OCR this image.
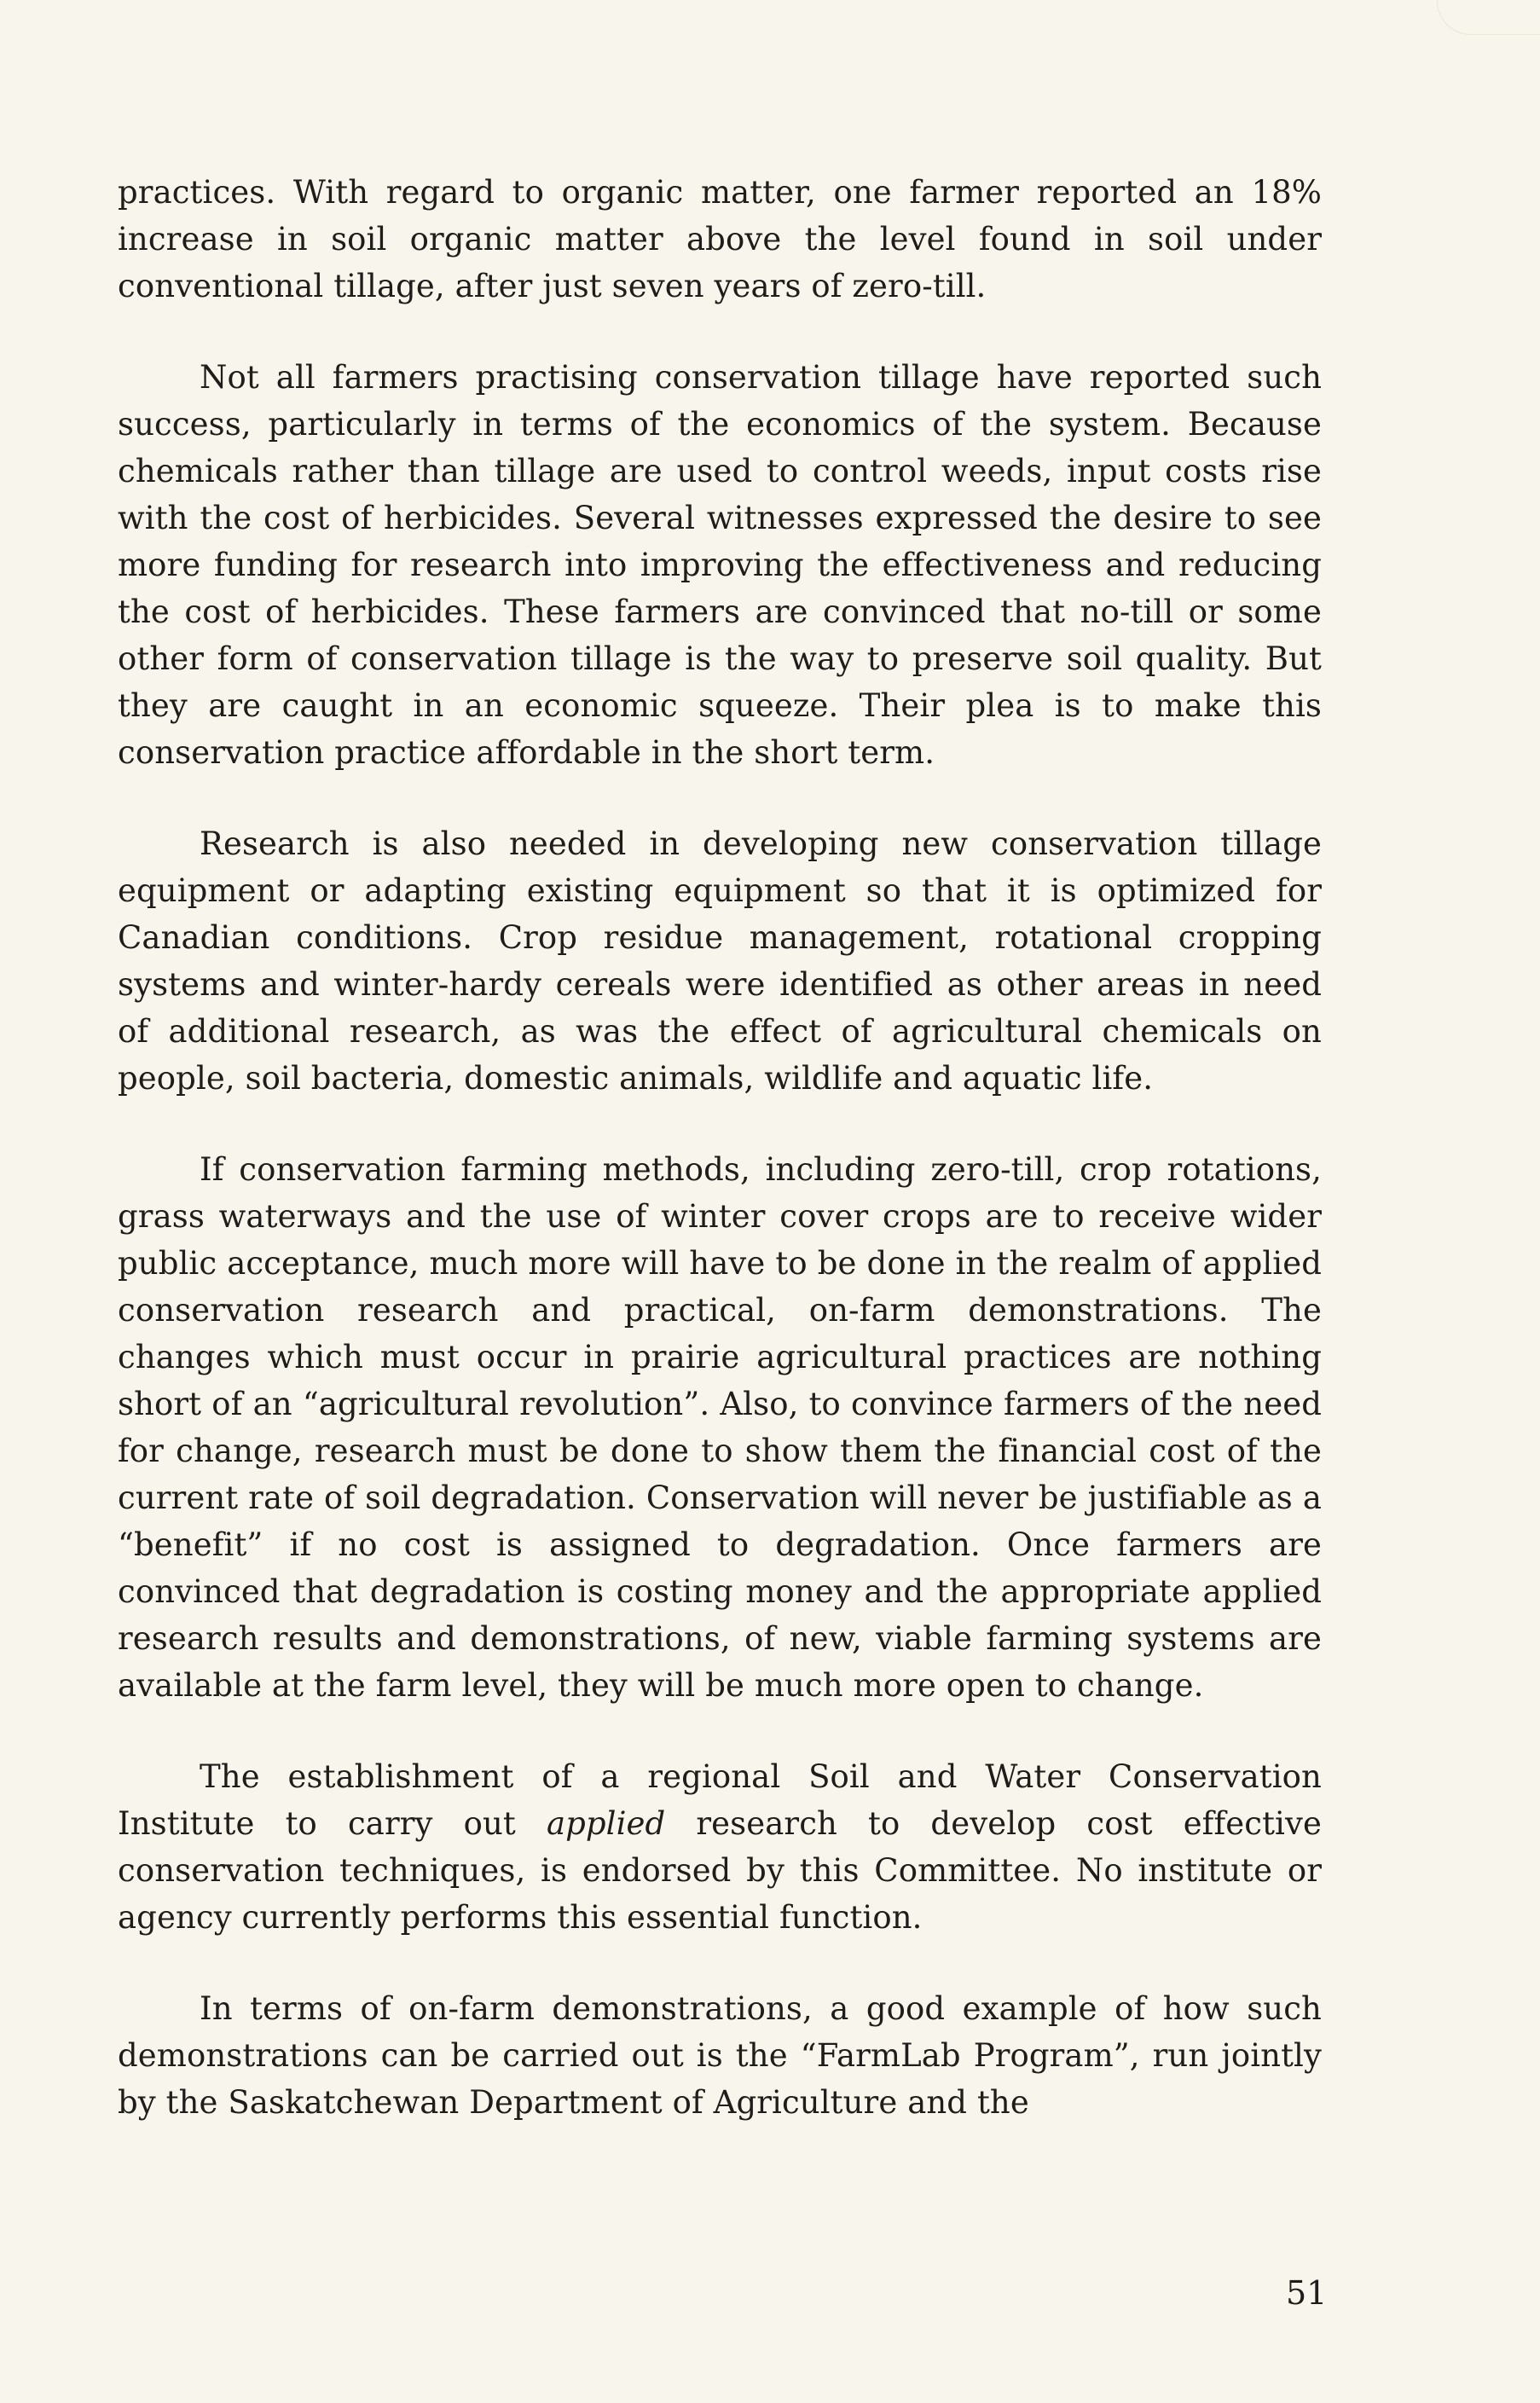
practices. With regard to organic matter, one farmer reported an 18% increase in soil organic matter above the level found in soil under conventional tillage, after just seven years of zero-till.

Not all farmers practising conservation tillage have reported such success, particularly in terms of the economics of the system. Because chemicals rather than tillage are used to control weeds, input costs rise with the cost of herbicides. Several witnesses expressed the desire to see more funding for research into improving the effectiveness and reducing the cost of herbicides. These farmers are convinced that no-till or some other form of conservation tillage is the way to preserve soil quality. But they are caught in an economic squeeze. Their plea is to make this conservation practice affordable in the short term.

Research is also needed in developing new conservation tillage equipment or adapting existing equipment so that it is optimized for Canadian conditions. Crop residue management, rotational cropping systems and winter-hardy cereals were identified as other areas in need of additional research, as was the effect of agricultural chemicals on people, soil bacteria, domestic animals, wildlife and aquatic life.

If conservation farming methods, including zero-till, crop rotations, grass waterways and the use of winter cover crops are to receive wider public acceptance, much more will have to be done in the realm of applied conservation research and practical, on-farm demonstrations. The changes which must occur in prairie agricultural practices are nothing short of an “agricultural revolution”. Also, to convince farmers of the need for change, research must be done to show them the financial cost of the current rate of soil degradation. Conservation will never be justifiable as a “benefit” if no cost is assigned to degradation. Once farmers are convinced that degradation is costing money and the appropriate applied research results and demonstrations, of new, viable farming systems are available at the farm level, they will be much more open to change.

The establishment of a regional Soil and Water Conservation Institute to carry out applied research to develop cost effective conservation techniques, is endorsed by this Committee. No institute or agency currently performs this essential function.

In terms of on-farm demonstrations, a good example of how such demonstrations can be carried out is the “FarmLab Program”, run jointly by the Saskatchewan Department of Agriculture and the

51
